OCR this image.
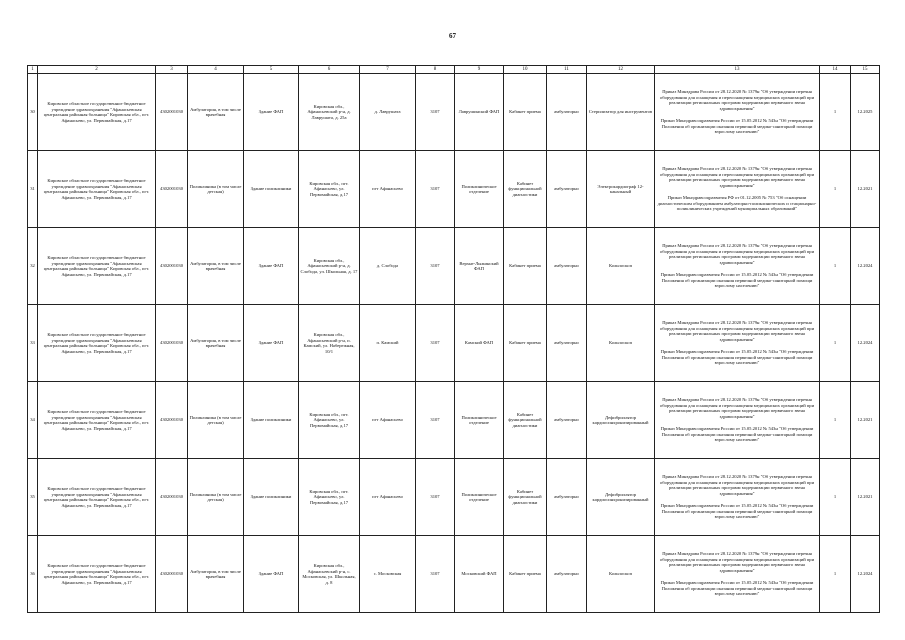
67
1	2	3	4	5	6	7	8	9	10	11	12	13	14	15
30	Кировское областное государственное бюджетное учреждение здравоохранения "Афанасьевская центральная районная больница" Кировская обл., пгт. Афанасьево, ул. Первомайская, д.17	4302001030	Амбулатория, в том числе врачебная	Здание ФАП	Кировская обл., Афанасьевский р-н, д. Лаврушата, д. 25а	д. Лаврушата	3107	Лаврушинский ФАП	Кабинет приема	амбулаторно	Стерилизатор для инструментов	Приказ Минздрава России от 28.12.2020 № 1379н "Об утверждении перечня оборудования для оснащения и переоснащения медицинских организаций при реализации региональных программ модернизации первичного звена здравоохранения"
Приказ Минздравсоцразвития России от 15.05.2012 № 543н "Об утверждении Положения об организации оказания первичной медико-санитарной помощи взрослому населению"	1	12.2025
31	Кировское областное государственное бюджетное учреждение здравоохранения "Афанасьевская центральная районная больница" Кировская обл., пгт. Афанасьево, ул. Первомайская, д.17	4302001030	Поликлиника (в том числе детская)	Здание поликлиники	Кировская обл., пгт. Афанасьево, ул. Первомайская, д.17	пгт Афанасьево	3107	Поликлиническое отделение	Кабинет функциональной диагностики	амбулаторно	Электрокардиограф 12-канальный	Приказ Минздрава России от 28.12.2020 № 1379н "Об утверждении перечня оборудования для оснащения и переоснащения медицинских организаций при реализации региональных программ модернизации первичного звена здравоохранения"
Приказ Минздравсоцразвития РФ от 01.12.2005 № 753 "Об оснащении диагностическим оборудованием амбулаторно-поликлинических и стационарно-поликлинических учреждений муниципальных образований"	1	12.2021
32	Кировское областное государственное бюджетное учреждение здравоохранения "Афанасьевская центральная районная больница" Кировская обл., пгт. Афанасьево, ул. Первомайская, д.17	4302001030	Амбулатория, в том числе врачебная	Здание ФАП	Кировская обл., Афанасьевский р-н, д. Слобода, ул. Школьная, д. 17	д. Слобода	3107	Верхне-Лыжинский ФАП	Кабинет приема	амбулаторно	Кольпоскоп	Приказ Минздрава России от 28.12.2020 № 1379н "Об утверждении перечня оборудования для оснащения и переоснащения медицинских организаций при реализации региональных программ модернизации первичного звена здравоохранения"
Приказ Минздравсоцразвития России от 15.05.2012 № 543н "Об утверждении Положения об организации оказания первичной медико-санитарной помощи взрослому населению"	1	12.2024
33	Кировское областное государственное бюджетное учреждение здравоохранения "Афанасьевская центральная районная больница" Кировская обл., пгт. Афанасьево, ул. Первомайская, д.17	4302001030	Амбулатория, в том числе врачебная	Здание ФАП	Кировская обл., Афанасьевский р-н, п. Камский, ул. Набережная, 10/1	п. Камский	3107	Камский ФАП	Кабинет приема	амбулаторно	Кольпоскоп	Приказ Минздрава России от 28.12.2020 № 1379н "Об утверждении перечня оборудования для оснащения и переоснащения медицинских организаций при реализации региональных программ модернизации первичного звена здравоохранения"
Приказ Минздравсоцразвития России от 15.05.2012 № 543н "Об утверждении Положения об организации оказания первичной медико-санитарной помощи взрослому населению"	1	12.2024
34	Кировское областное государственное бюджетное учреждение здравоохранения "Афанасьевская центральная районная больница" Кировская обл., пгт. Афанасьево, ул. Первомайская, д.17	4302001030	Поликлиника (в том числе детская)	Здание поликлиники	Кировская обл., пгт. Афанасьево, ул. Первомайская, д.17	пгт Афанасьево	3107	Поликлиническое отделение	Кабинет функциональной диагностики	амбулаторно	Дефибриллятор кардиосинхронизированный	Приказ Минздрава России от 28.12.2020 № 1379н "Об утверждении перечня оборудования для оснащения и переоснащения медицинских организаций при реализации региональных программ модернизации первичного звена здравоохранения"
Приказ Минздравсоцразвития России от 15.05.2012 № 543н "Об утверждении Положения об организации оказания первичной медико-санитарной помощи взрослому населению"	1	12.2021
35	Кировское областное государственное бюджетное учреждение здравоохранения "Афанасьевская центральная районная больница" Кировская обл., пгт. Афанасьево, ул. Первомайская, д.17	4302001030	Поликлиника (в том числе детская)	Здание поликлиники	Кировская обл., пгт. Афанасьево, ул. Первомайская, д.17	пгт Афанасьево	3107	Поликлиническое отделение	Кабинет функциональной диагностики	амбулаторно	Дефибриллятор кардиосинхронизированный	Приказ Минздрава России от 28.12.2020 № 1379н "Об утверждении перечня оборудования для оснащения и переоснащения медицинских организаций при реализации региональных программ модернизации первичного звена здравоохранения"
Приказ Минздравсоцразвития России от 15.05.2012 № 543н "Об утверждении Положения об организации оказания первичной медико-санитарной помощи взрослому населению"	1	12.2021
36	Кировское областное государственное бюджетное учреждение здравоохранения "Афанасьевская центральная районная больница" Кировская обл., пгт. Афанасьево, ул. Первомайская, д.17	4302001030	Амбулатория, в том числе врачебная	Здание ФАП	Кировская обл., Афанасьевский р-н, с. Московская, ул. Школьная, д. 8	с. Московская	3107	Московский ФАП	Кабинет приема	амбулаторно	Кольпоскоп	Приказ Минздрава России от 28.12.2020 № 1379н "Об утверждении перечня оборудования для оснащения и переоснащения медицинских организаций при реализации региональных программ модернизации первичного звена здравоохранения"
Приказ Минздравсоцразвития России от 15.05.2012 № 543н "Об утверждении Положения об организации оказания первичной медико-санитарной помощи взрослому населению"	1	12.2024
